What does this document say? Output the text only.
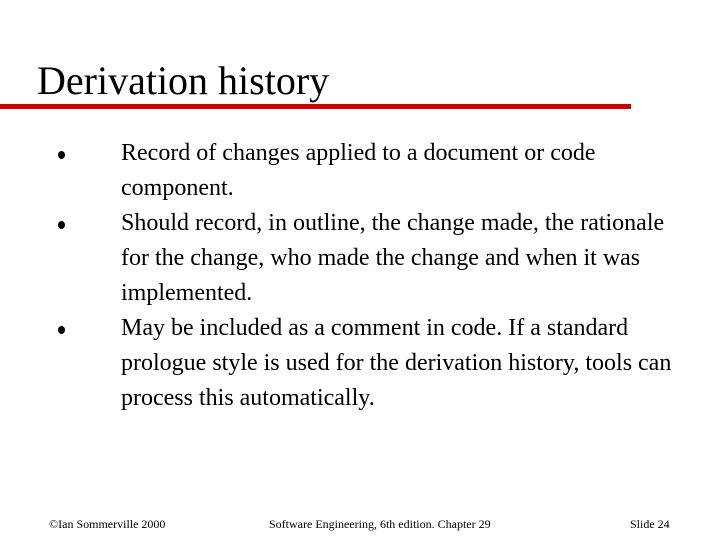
Derivation history
Record of changes applied to a document or code component.
Should record, in outline, the change made, the rationale for the change, who made the change and when it was implemented.
May be included as a comment in code. If a standard prologue style is used for the derivation history, tools can process this automatically.
©Ian Sommerville 2000	Software Engineering, 6th edition. Chapter 29	Slide 24
